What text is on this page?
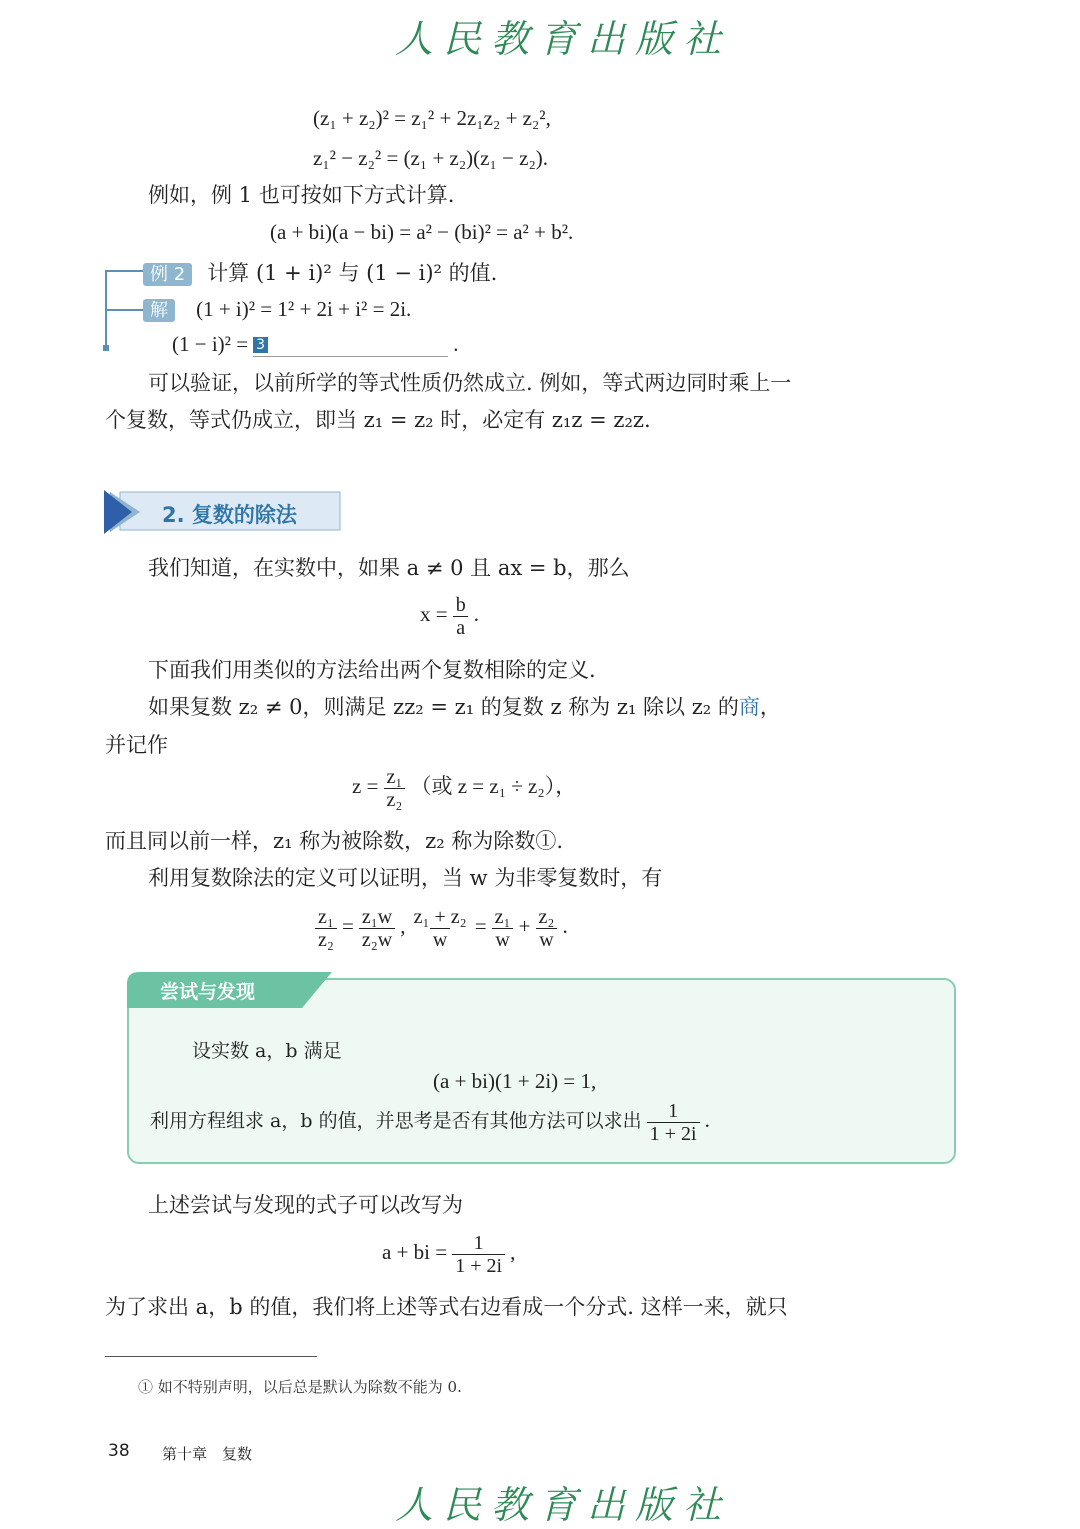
人民教育出版社
(z₁ + z₂)² = z₁² + 2z₁z₂ + z₂²,
z₁² − z₂² = (z₁ + z₂)(z₁ − z₂).
例如，例 1 也可按如下方式计算.
(a + bi)(a − bi) = a² − (bi)² = a² + b².
例 2 计算 (1 + i)² 与 (1 − i)² 的值.
解 (1 + i)² = 1² + 2i + i² = 2i.
(1 − i)² = 3	.
可以验证，以前所学的等式性质仍然成立. 例如，等式两边同时乘上一
个复数，等式仍成立，即当 z₁ = z₂ 时，必定有 z₁z = z₂z.
2. 复数的除法
我们知道，在实数中，如果 a ≠ 0 且 ax = b，那么
$x = \frac{b}{a}$ .
下面我们用类似的方法给出两个复数相除的定义.
如果复数 z₂ ≠ 0，则满足 zz₂ = z₁ 的复数 z 称为 z₁ 除以 z₂ 的商，
并记作
$z = \frac{\text{z₁}}{\text{z₂}}$ （或 z = z₁ ÷ z₂），
而且同以前一样，z₁ 称为被除数，z₂ 称为除数①.
利用复数除法的定义可以证明，当 w 为非零复数时，有
$\frac{\text{z₁}}{\text{z₂}} = \frac{\text{z₁w}}{\text{z₂w}}$ , $\frac{\text{z₁ + z₂}}{w} = \frac{\text{z₁}}{w} + \frac{\text{z₂}}{w}$ .
尝试与发现
设实数 a，b 满足
(a + bi)(1 + 2i) = 1,
利用方程组求 a，b 的值，并思考是否有其他方法可以求出 $\frac{1}{1 + 2i}$ .
上述尝试与发现的式子可以改写为
a + bi = $\frac{1}{1 + 2i}$ ,
为了求出 a，b 的值，我们将上述等式右边看成一个分式. 这样一来，就只
① 如不特别声明，以后总是默认为除数不能为 0.
38 第十章　复数
人民教育出版社
